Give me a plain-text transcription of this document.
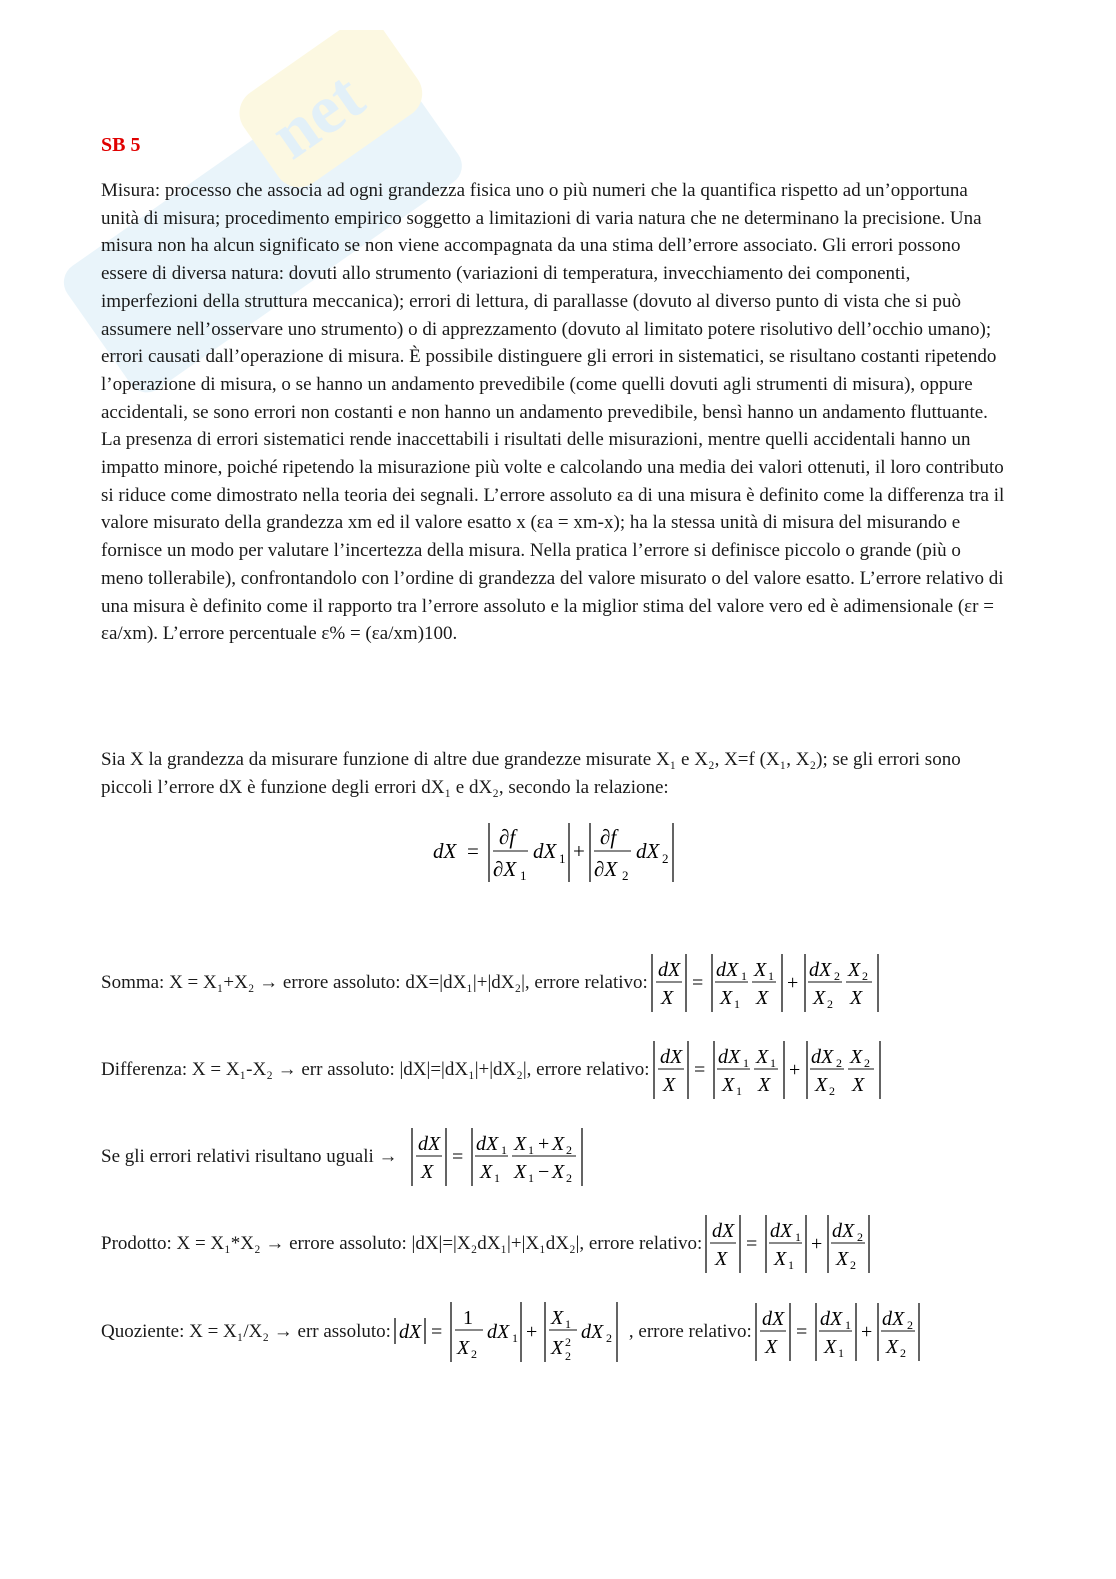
net
SB 5
Misura: processo che associa ad ogni grandezza fisica uno o più numeri che la quantifica rispetto ad un’opportuna unità di misura; procedimento empirico soggetto a limitazioni di varia natura che ne determinano la precisione. Una misura non ha alcun significato se non viene accompagnata da una stima dell’errore associato. Gli errori possono essere di diversa natura: dovuti allo strumento (variazioni di temperatura, invecchiamento dei componenti, imperfezioni della struttura meccanica); errori di lettura, di parallasse (dovuto al diverso punto di vista che si può assumere nell’osservare uno strumento) o di apprezzamento (dovuto al limitato potere risolutivo dell’occhio umano); errori causati dall’operazione di misura. È possibile distinguere gli errori in sistematici, se risultano costanti ripetendo l’operazione di misura, o se hanno un andamento prevedibile (come quelli dovuti agli strumenti di misura), oppure accidentali, se sono errori non costanti e non hanno un andamento prevedibile, bensì hanno un andamento fluttuante. La presenza di errori sistematici rende inaccettabili i risultati delle misurazioni, mentre quelli accidentali hanno un impatto minore, poiché ripetendo la misurazione più volte e calcolando una media dei valori ottenuti, il loro contributo si riduce come dimostrato nella teoria dei segnali. L’errore assoluto εa di una misura è definito come la differenza tra il valore misurato della grandezza xm ed il valore esatto x (εa = xm-x); ha la stessa unità di misura del misurando e fornisce un modo per valutare l’incertezza della misura. Nella pratica l’errore si definisce piccolo o grande (più o meno tollerabile), confrontandolo con l’ordine di grandezza del valore misurato o del valore esatto. L’errore relativo di una misura è definito come il rapporto tra l’errore assoluto e la miglior stima del valore vero ed è adimensionale (εr = εa/xm). L’errore percentuale ε% = (εa/xm)100.
Sia X la grandezza da misurare funzione di altre due grandezze misurate X₁ e X₂, X=f (X₁, X₂); se gli errori sono piccoli l’errore dX è funzione degli errori dX₁ e dX₂, secondo la relazione:
dX =
∂f
∂X 1
dX 1 +
∂f
∂X 2
dX 2
Somma: X = X₁+X₂ → errore assoluto: dX=|dX₁|+|dX₂|, errore relativo:
dX
X
=
dX 1
X 1
X 1
X
+
dX 2
X 2
X 2
X
Differenza: X = X₁-X₂ → err assoluto: |dX|=|dX₁|+|dX₂|, errore relativo:
dX
X
=
dX 1
X 1
X 1
X
+
dX 2
X 2
X 2
X
Se gli errori relativi risultano uguali →
dX
X
=
dX 1
X 1
X 1 + X 2
X 1 − X 2
Prodotto: X = X₁*X₂ → errore assoluto: |dX|=|X₂dX₁|+|X₁dX₂|, errore relativo:
dX
X
=
dX 1
X 1
+
dX 2
X 2
Quoziente: X = X₁/X₂ → err assoluto: dX =
1
X 2
dX 1 +
X 1
X 2
2
dX 2 , errore relativo:
dX
X
=
dX 1
X 1
+
dX 2
X 2
